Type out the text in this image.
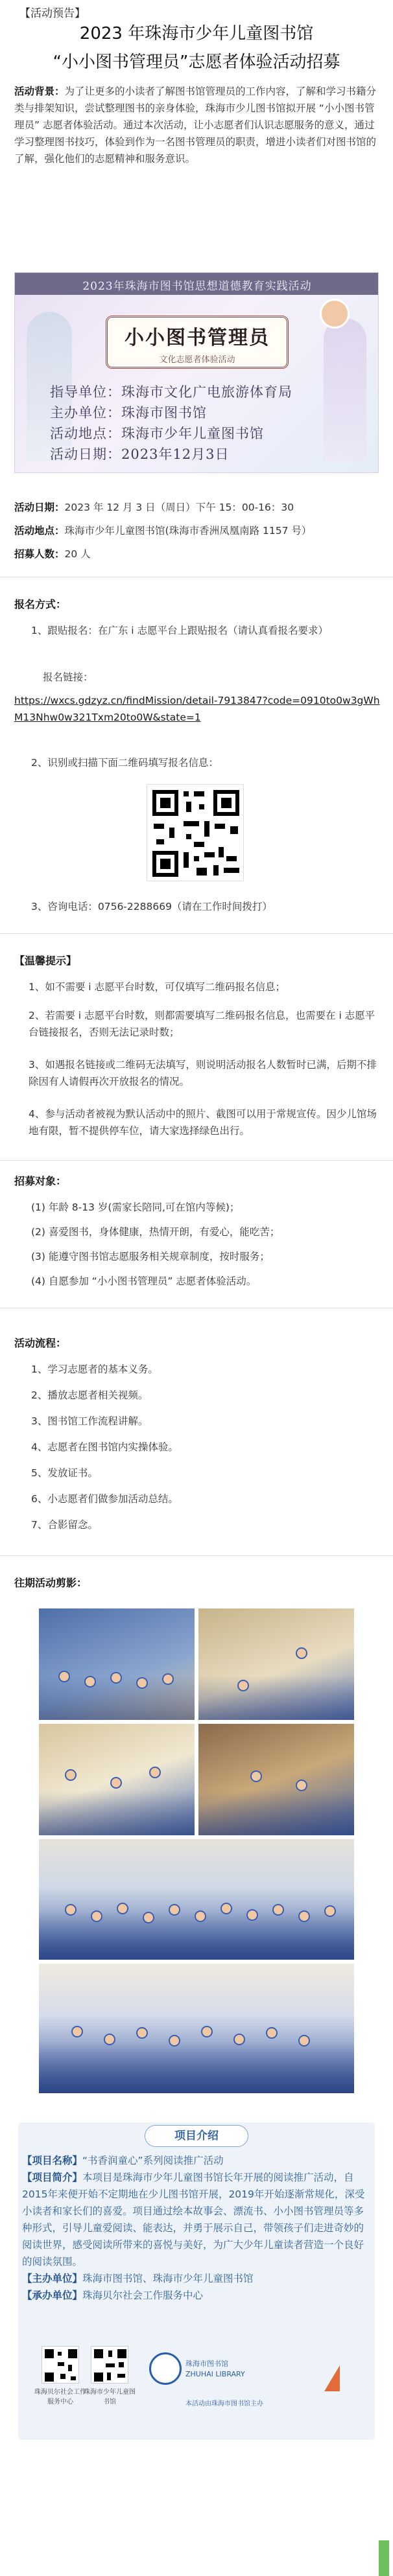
【活动预告】
2023 年珠海市少年儿童图书馆
“小小图书管理员”志愿者体验活动招募
活动背景：为了让更多的小读者了解图书馆管理员的工作内容，了解和学习书籍分类与排架知识，尝试整理图书的亲身体验，珠海市少儿图书馆拟开展 “小小图书管理员” 志愿者体验活动。通过本次活动，让小志愿者们认识志愿服务的意义，通过学习整理图书技巧，体验到作为一名图书管理员的职责，增进小读者们对图书馆的了解，强化他们的志愿精神和服务意识。
2023年珠海市图书馆思想道德教育实践活动
小小图书管理员
文化志愿者体验活动
指导单位：珠海市文化广电旅游体育局
主办单位：珠海市图书馆
活动地点：珠海市少年儿童图书馆
活动日期：2023年12月3日
活动日期：2023 年 12 月 3 日（周日）下午 15：00-16：30
活动地点：珠海市少年儿童图书馆(珠海市香洲凤凰南路 1157 号）
招募人数：20 人
报名方式：
1、跟贴报名：在广东 i 志愿平台上跟贴报名（请认真看报名要求）
报名链接：
https://wxcs.gdzyz.cn/findMission/detail-7913847?code=0910to0w3gWhM13Nhw0w321Txm20to0W&state=1
2、识别或扫描下面二维码填写报名信息：
3、咨询电话：0756-2288669（请在工作时间拨打）
【温馨提示】
1、如不需要 i 志愿平台时数，可仅填写二维码报名信息；
2、若需要 i 志愿平台时数，则都需要填写二维码报名信息，也需要在 i 志愿平台链接报名，否则无法记录时数；
3、如遇报名链接或二维码无法填写，则说明活动报名人数暂时已满，后期不排除因有人请假再次开放报名的情况。
4、参与活动者被视为默认活动中的照片、截图可以用于常规宣传。因少儿馆场地有限，暂不提供停车位，请大家选择绿色出行。
招募对象：
(1) 年龄 8-13 岁(需家长陪同,可在馆内等候)；
(2) 喜爱图书，身体健康，热情开朗，有爱心，能吃苦；
(3) 能遵守图书馆志愿服务相关规章制度，按时服务；
(4) 自愿参加 “小小图书管理员” 志愿者体验活动。
活动流程：
1、学习志愿者的基本义务。
2、播放志愿者相关视频。
3、图书馆工作流程讲解。
4、志愿者在图书馆内实操体验。
5、发放证书。
6、小志愿者们做参加活动总结。
7、合影留念。
往期活动剪影：
项目介绍
【项目名称】“书香润童心”系列阅读推广活动
【项目简介】本项目是珠海市少年儿童图书馆长年开展的阅读推广活动，自2015年来便开始不定期地在少儿图书馆开展，2019年开始逐渐常规化，深受小读者和家长们的喜爱。项目通过绘本故事会、漂流书、小小图书管理员等多种形式，引导儿童爱阅读、能表达，并勇于展示自己，带领孩子们走进奇妙的阅读世界，感受阅读所带来的喜悦与美好，为广大少年儿童读者营造一个良好的阅读氛围。
【主办单位】珠海市图书馆、珠海市少年儿童图书馆
【承办单位】珠海贝尔社会工作服务中心
珠海贝尔社会工作服务中心
珠海市少年儿童图书馆
珠海市图书馆
ZHUHAI LIBRARY
本活动由珠海市图书馆主办
